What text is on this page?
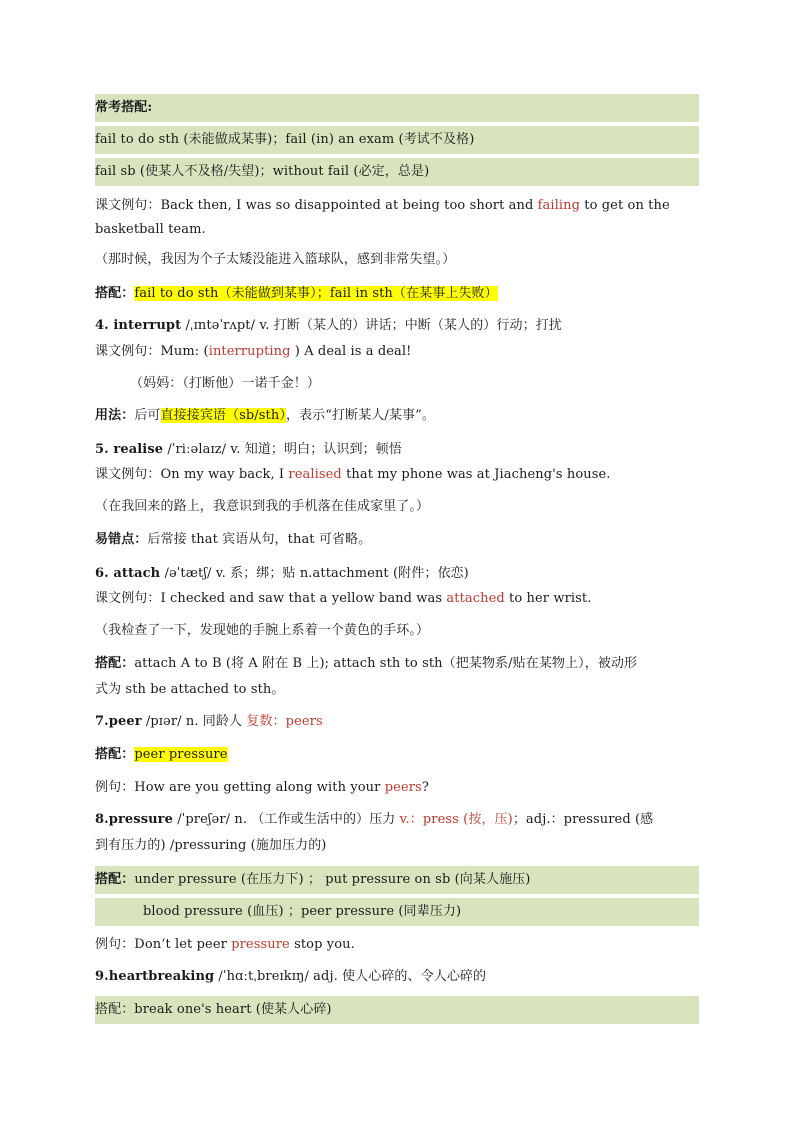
常考搭配:
fail to do sth (未能做成某事)；fail (in) an exam (考试不及格)
fail sb (使某人不及格/失望)；without fail (必定，总是)
课文例句：Back then, I was so disappointed at being too short and failing to get on the
basketball team.
（那时候，我因为个子太矮没能进入篮球队，感到非常失望。）
搭配：fail to do sth（未能做到某事）；fail in sth（在某事上失败）
4. interrupt /ˌɪntəˈrʌpt/ v. 打断（某人的）讲话；中断（某人的）行动；打扰
课文例句：Mum: (interrupting ) A deal is a deal!
（妈妈：（打断他）一诺千金！）
用法：后可直接接宾语（sb/sth），表示“打断某人/某事”。
5. realise /ˈriːəlaɪz/ v. 知道；明白；认识到；顿悟
课文例句：On my way back, I realised that my phone was at Jiacheng's house.
（在我回来的路上，我意识到我的手机落在佳成家里了。）
易错点：后常接 that 宾语从句，that 可省略。
6. attach /əˈtætʃ/ v. 系；绑；贴 n.attachment (附件；依恋)
课文例句：I checked and saw that a yellow band was attached to her wrist.
（我检查了一下，发现她的手腕上系着一个黄色的手环。）
搭配：attach A to B (将 A 附在 B 上); attach sth to sth（把某物系/贴在某物上），被动形
式为 sth be attached to sth。
7.peer /pɪər/ n. 同龄人 复数：peers
搭配：peer pressure
例句：How are you getting along with your peers?
8.pressure /ˈpreʃər/ n. （工作或生活中的）压力 v.：press (按，压)；adj.：pressured (感
到有压力的) /pressuring (施加压力的)
搭配：under pressure (在压力下) ； put pressure on sb (向某人施压)
blood pressure (血压) ；peer pressure (同辈压力)
例句：Don‘t let peer pressure stop you.
9.heartbreaking /ˈhɑːtˌbreɪkɪŋ/ adj. 使人心碎的、令人心碎的
搭配：break one's heart (使某人心碎)
